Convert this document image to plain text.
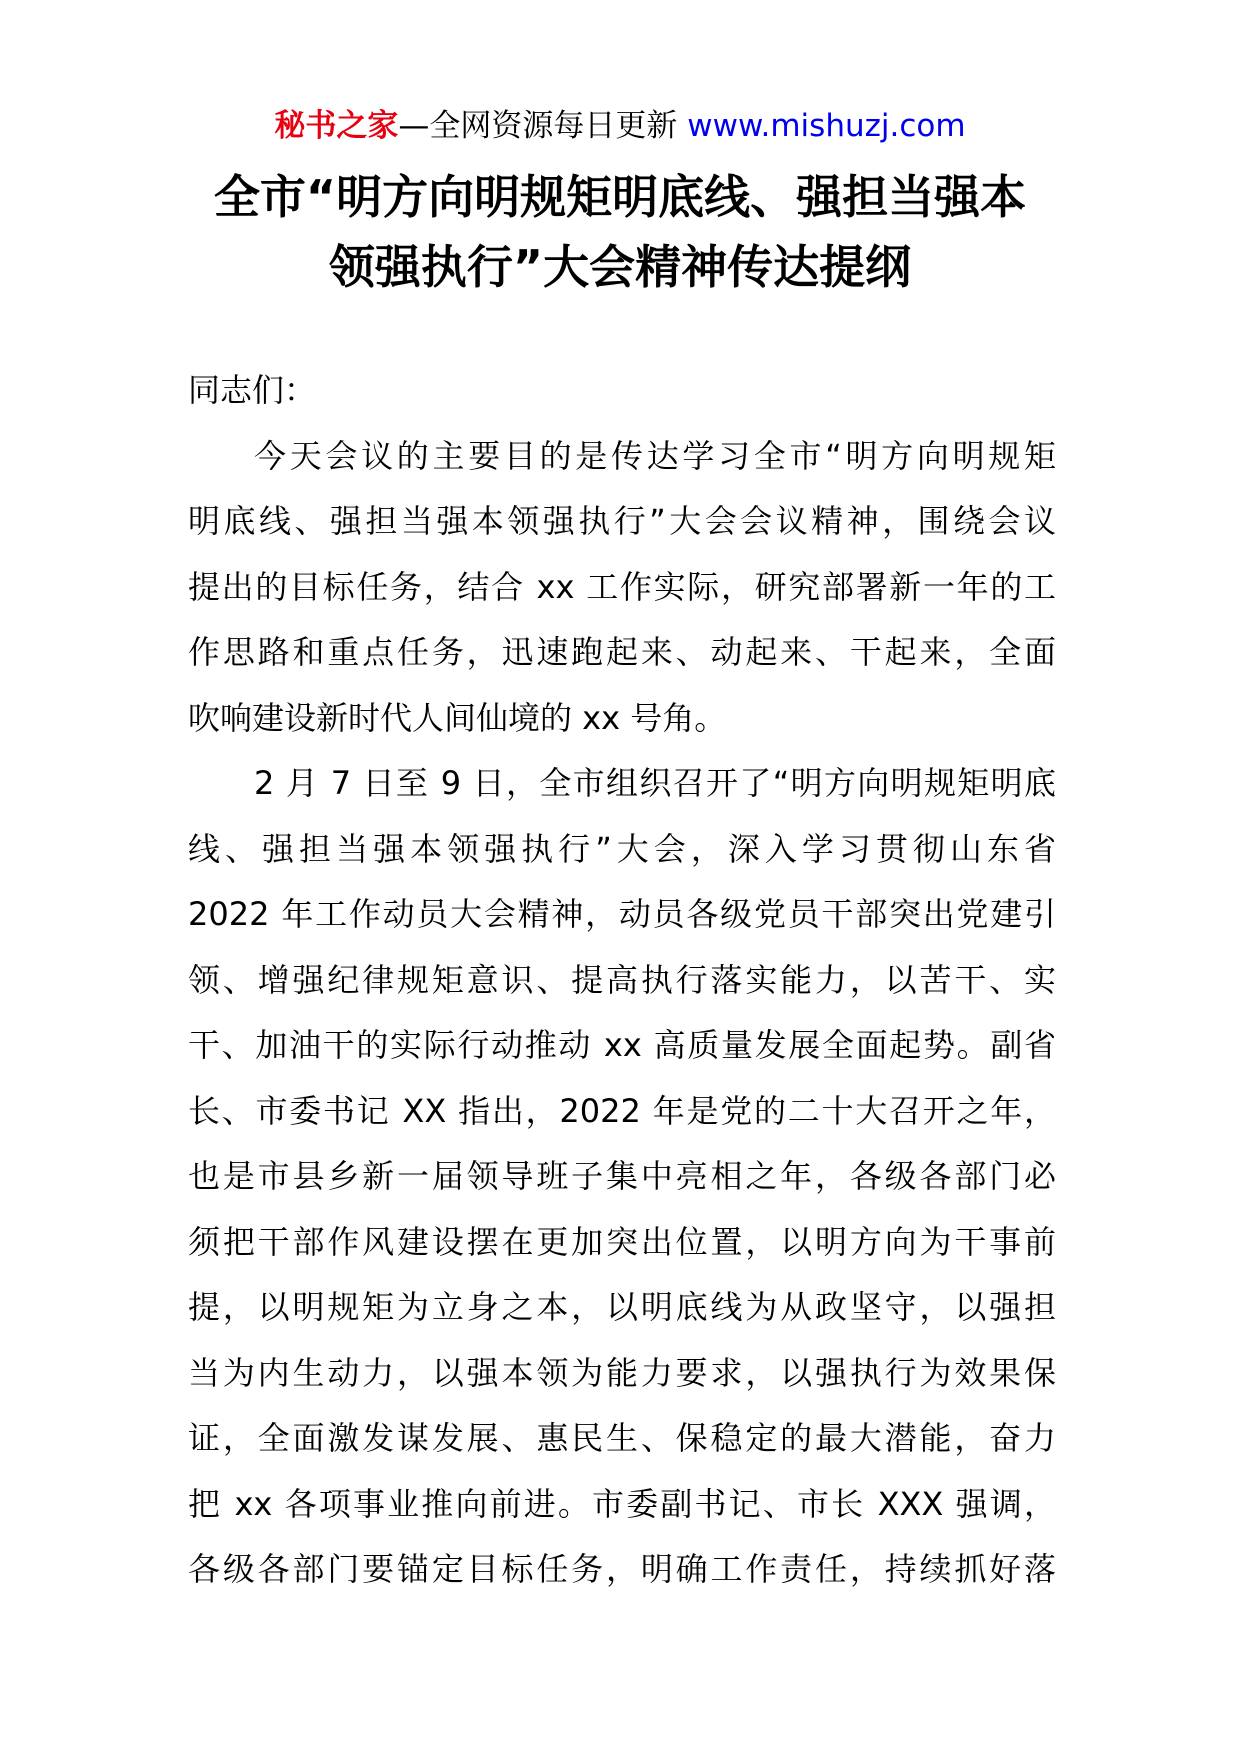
秘书之家—全网资源每日更新 www.mishuzj.com
全市“明方向明规矩明底线、强担当强本
领强执行”大会精神传达提纲
同志们：
今天会议的主要目的是传达学习全市“明方向明规矩
明底线、强担当强本领强执行”大会会议精神，围绕会议
提出的目标任务，结合 xx 工作实际，研究部署新一年的工
作思路和重点任务，迅速跑起来、动起来、干起来，全面
吹响建设新时代人间仙境的 xx 号角。
2 月 7 日至 9 日，全市组织召开了“明方向明规矩明底
线、强担当强本领强执行”大会，深入学习贯彻山东省
2022 年工作动员大会精神，动员各级党员干部突出党建引
领、增强纪律规矩意识、提高执行落实能力，以苦干、实
干、加油干的实际行动推动 xx 高质量发展全面起势。副省
长、市委书记 XX 指出，2022 年是党的二十大召开之年，
也是市县乡新一届领导班子集中亮相之年，各级各部门必
须把干部作风建设摆在更加突出位置，以明方向为干事前
提，以明规矩为立身之本，以明底线为从政坚守，以强担
当为内生动力，以强本领为能力要求，以强执行为效果保
证，全面激发谋发展、惠民生、保稳定的最大潜能，奋力
把 xx 各项事业推向前进。市委副书记、市长 XXX 强调，
各级各部门要锚定目标任务，明确工作责任，持续抓好落
